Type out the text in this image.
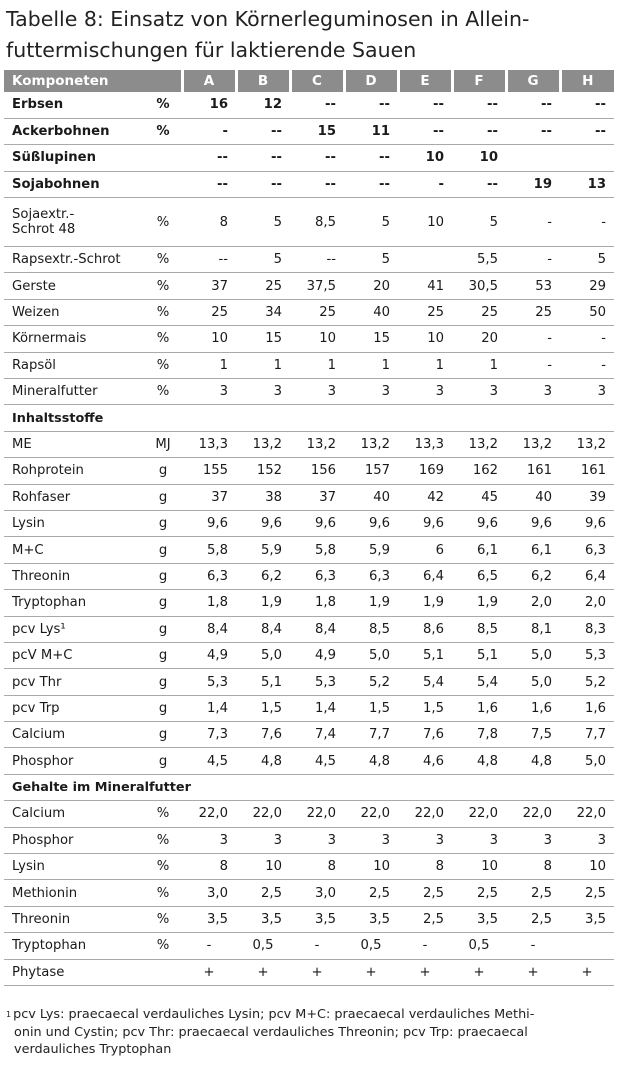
Tabelle 8: Einsatz von Körnerleguminosen in Allein-
futtermischungen für laktierende Sauen
Komponeten		A	B	C	D	E	F	G	H
Erbsen	%	16	12	--	--	--	--	--	--
Ackerbohnen	%	-	--	15	11	--	--	--	--
Süßlupinen		--	--	--	--	10	10		
Sojabohnen		--	--	--	--	-	--	19	13
Sojaextr.-
Schrot 48	%	8	5	8,5	5	10	5	-	-
Rapsextr.-Schrot	%	--	5	--	5		5,5	-	5
Gerste	%	37	25	37,5	20	41	30,5	53	29
Weizen	%	25	34	25	40	25	25	25	50
Körnermais	%	10	15	10	15	10	20	-	-
Rapsöl	%	1	1	1	1	1	1	-	-
Mineralfutter	%	3	3	3	3	3	3	3	3
Inhaltsstoffe									
ME	MJ	13,3	13,2	13,2	13,2	13,3	13,2	13,2	13,2
Rohprotein	g	155	152	156	157	169	162	161	161
Rohfaser	g	37	38	37	40	42	45	40	39
Lysin	g	9,6	9,6	9,6	9,6	9,6	9,6	9,6	9,6
M+C	g	5,8	5,9	5,8	5,9	6	6,1	6,1	6,3
Threonin	g	6,3	6,2	6,3	6,3	6,4	6,5	6,2	6,4
Tryptophan	g	1,8	1,9	1,8	1,9	1,9	1,9	2,0	2,0
pcv Lys¹	g	8,4	8,4	8,4	8,5	8,6	8,5	8,1	8,3
pcV M+C	g	4,9	5,0	4,9	5,0	5,1	5,1	5,0	5,3
pcv Thr	g	5,3	5,1	5,3	5,2	5,4	5,4	5,0	5,2
pcv Trp	g	1,4	1,5	1,4	1,5	1,5	1,6	1,6	1,6
Calcium	g	7,3	7,6	7,4	7,7	7,6	7,8	7,5	7,7
Phosphor	g	4,5	4,8	4,5	4,8	4,6	4,8	4,8	5,0
Gehalte im Mineralfutter									
Calcium	%	22,0	22,0	22,0	22,0	22,0	22,0	22,0	22,0
Phosphor	%	3	3	3	3	3	3	3	3
Lysin	%	8	10	8	10	8	10	8	10
Methionin	%	3,0	2,5	3,0	2,5	2,5	2,5	2,5	2,5
Threonin	%	3,5	3,5	3,5	3,5	2,5	3,5	2,5	3,5
Tryptophan	%	-	0,5	-	0,5	-	0,5	-	
Phytase		+	+	+	+	+	+	+	+
$^1$ pcv Lys: praecaecal verdauliches Lysin; pcv M+C: praecaecal verdauliches Methi-
onin und Cystin; pcv Thr: praecaecal verdauliches Threonin; pcv Trp: praecaecal
verdauliches Tryptophan
